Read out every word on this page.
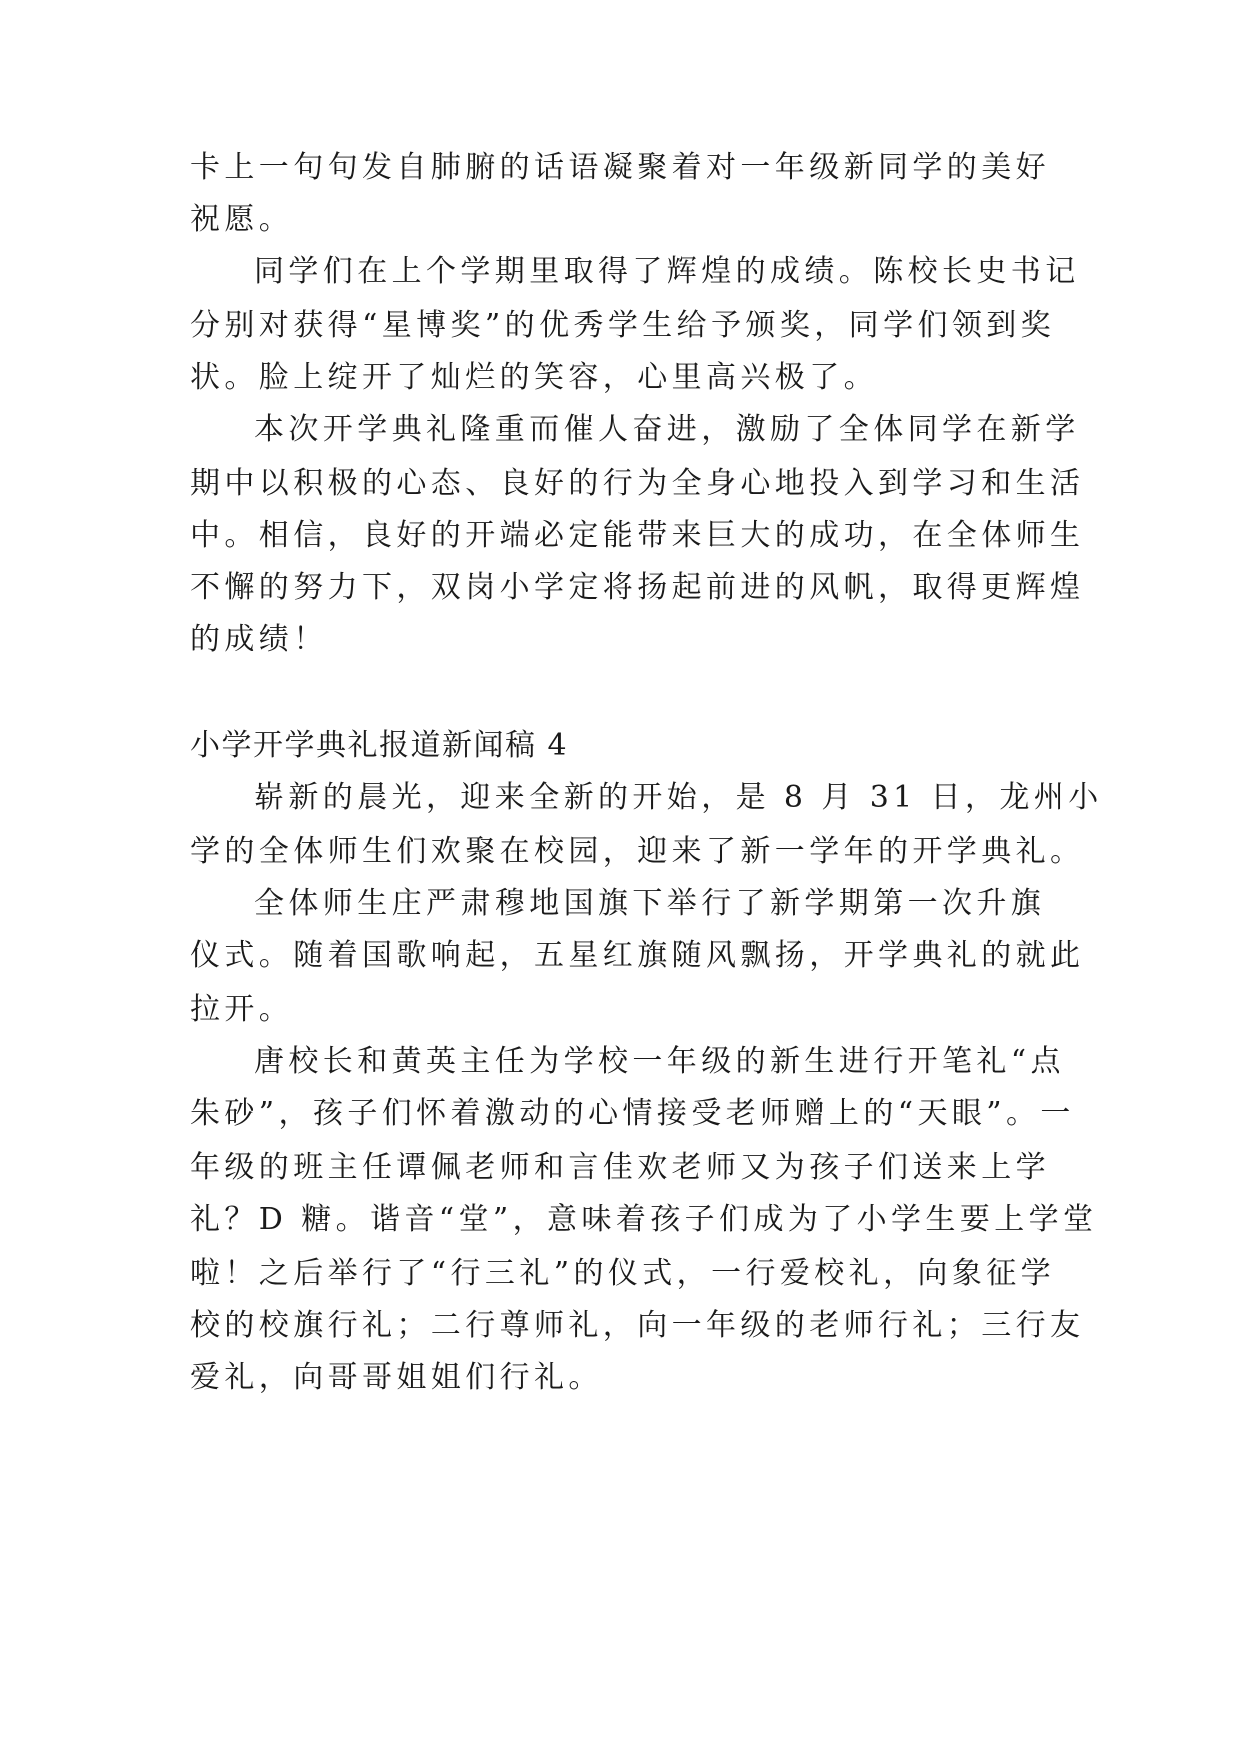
卡上一句句发自肺腑的话语凝聚着对一年级新同学的美好
祝愿。
同学们在上个学期里取得了辉煌的成绩。陈校长史书记
分别对获得“星博奖”的优秀学生给予颁奖，同学们领到奖
状。脸上绽开了灿烂的笑容，心里高兴极了。
本次开学典礼隆重而催人奋进，激励了全体同学在新学
期中以积极的心态、良好的行为全身心地投入到学习和生活
中。相信，良好的开端必定能带来巨大的成功，在全体师生
不懈的努力下，双岗小学定将扬起前进的风帆，取得更辉煌
的成绩！
小学开学典礼报道新闻稿 4
崭新的晨光，迎来全新的开始，是 8 月 31 日，龙州小
学的全体师生们欢聚在校园，迎来了新一学年的开学典礼。
全体师生庄严肃穆地国旗下举行了新学期第一次升旗
仪式。随着国歌响起，五星红旗随风飘扬，开学典礼的就此
拉开。
唐校长和黄英主任为学校一年级的新生进行开笔礼“点
朱砂”，孩子们怀着激动的心情接受老师赠上的“天眼”。一
年级的班主任谭佩老师和言佳欢老师又为孩子们送来上学
礼？D 糖。谐音“堂”，意味着孩子们成为了小学生要上学堂
啦！之后举行了“行三礼”的仪式，一行爱校礼，向象征学
校的校旗行礼；二行尊师礼，向一年级的老师行礼；三行友
爱礼，向哥哥姐姐们行礼。
